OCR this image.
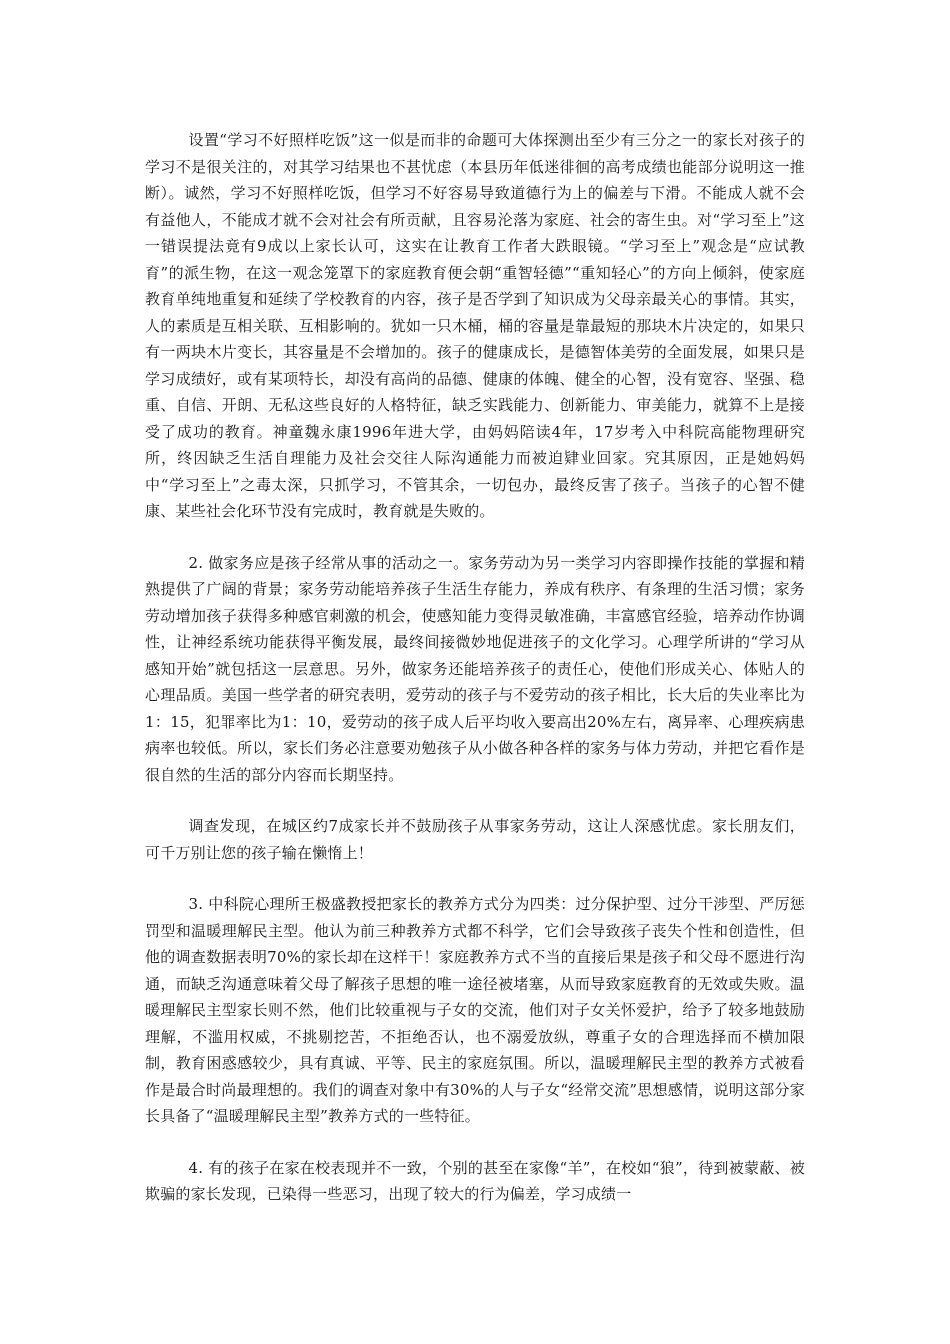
设置“学习不好照样吃饭”这一似是而非的命题可大体探测出至少有三分之一的家长对孩子的学习不是很关注的，对其学习结果也不甚忧虑（本县历年低迷徘徊的高考成绩也能部分说明这一推断）。诚然，学习不好照样吃饭，但学习不好容易导致道德行为上的偏差与下滑。不能成人就不会有益他人，不能成才就不会对社会有所贡献，且容易沦落为家庭、社会的寄生虫。对“学习至上”这一错误提法竟有9成以上家长认可，这实在让教育工作者大跌眼镜。“学习至上”观念是“应试教育”的派生物，在这一观念笼罩下的家庭教育便会朝“重智轻德”“重知轻心”的方向上倾斜，使家庭教育单纯地重复和延续了学校教育的内容，孩子是否学到了知识成为父母亲最关心的事情。其实，人的素质是互相关联、互相影响的。犹如一只木桶，桶的容量是靠最短的那块木片决定的，如果只有一两块木片变长，其容量是不会增加的。孩子的健康成长，是德智体美劳的全面发展，如果只是学习成绩好，或有某项特长，却没有高尚的品德、健康的体魄、健全的心智，没有宽容、坚强、稳重、自信、开朗、无私这些良好的人格特征，缺乏实践能力、创新能力、审美能力，就算不上是接受了成功的教育。神童魏永康1996年进大学，由妈妈陪读4年，17岁考入中科院高能物理研究所，终因缺乏生活自理能力及社会交往人际沟通能力而被迫肄业回家。究其原因，正是她妈妈中“学习至上”之毒太深，只抓学习，不管其余，一切包办，最终反害了孩子。当孩子的心智不健康、某些社会化环节没有完成时，教育就是失败的。

2. 做家务应是孩子经常从事的活动之一。家务劳动为另一类学习内容即操作技能的掌握和精熟提供了广阔的背景；家务劳动能培养孩子生活生存能力，养成有秩序、有条理的生活习惯；家务劳动增加孩子获得多种感官刺激的机会，使感知能力变得灵敏准确，丰富感官经验，培养动作协调性，让神经系统功能获得平衡发展，最终间接微妙地促进孩子的文化学习。心理学所讲的“学习从感知开始”就包括这一层意思。另外，做家务还能培养孩子的责任心，使他们形成关心、体贴人的心理品质。美国一些学者的研究表明，爱劳动的孩子与不爱劳动的孩子相比，长大后的失业率比为1：15，犯罪率比为1：10，爱劳动的孩子成人后平均收入要高出20%左右，离异率、心理疾病患病率也较低。所以，家长们务必注意要劝勉孩子从小做各种各样的家务与体力劳动，并把它看作是很自然的生活的部分内容而长期坚持。

调查发现，在城区约7成家长并不鼓励孩子从事家务劳动，这让人深感忧虑。家长朋友们，可千万别让您的孩子输在懒惰上！

3. 中科院心理所王极盛教授把家长的教养方式分为四类：过分保护型、过分干涉型、严厉惩罚型和温暖理解民主型。他认为前三种教养方式都不科学，它们会导致孩子丧失个性和创造性，但他的调查数据表明70%的家长却在这样干！家庭教养方式不当的直接后果是孩子和父母不愿进行沟通，而缺乏沟通意味着父母了解孩子思想的唯一途径被堵塞，从而导致家庭教育的无效或失败。温暖理解民主型家长则不然，他们比较重视与子女的交流，他们对子女关怀爱护，给予了较多地鼓励理解，不滥用权威，不挑剔挖苦，不拒绝否认，也不溺爱放纵，尊重子女的合理选择而不横加限制，教育困惑感较少，具有真诚、平等、民主的家庭氛围。所以，温暖理解民主型的教养方式被看作是最合时尚最理想的。我们的调查对象中有30%的人与子女“经常交流”思想感情，说明这部分家长具备了“温暖理解民主型”教养方式的一些特征。

4. 有的孩子在家在校表现并不一致，个别的甚至在家像“羊”，在校如“狼”，待到被蒙蔽、被欺骗的家长发现，已染得一些恶习，出现了较大的行为偏差，学习成绩一
